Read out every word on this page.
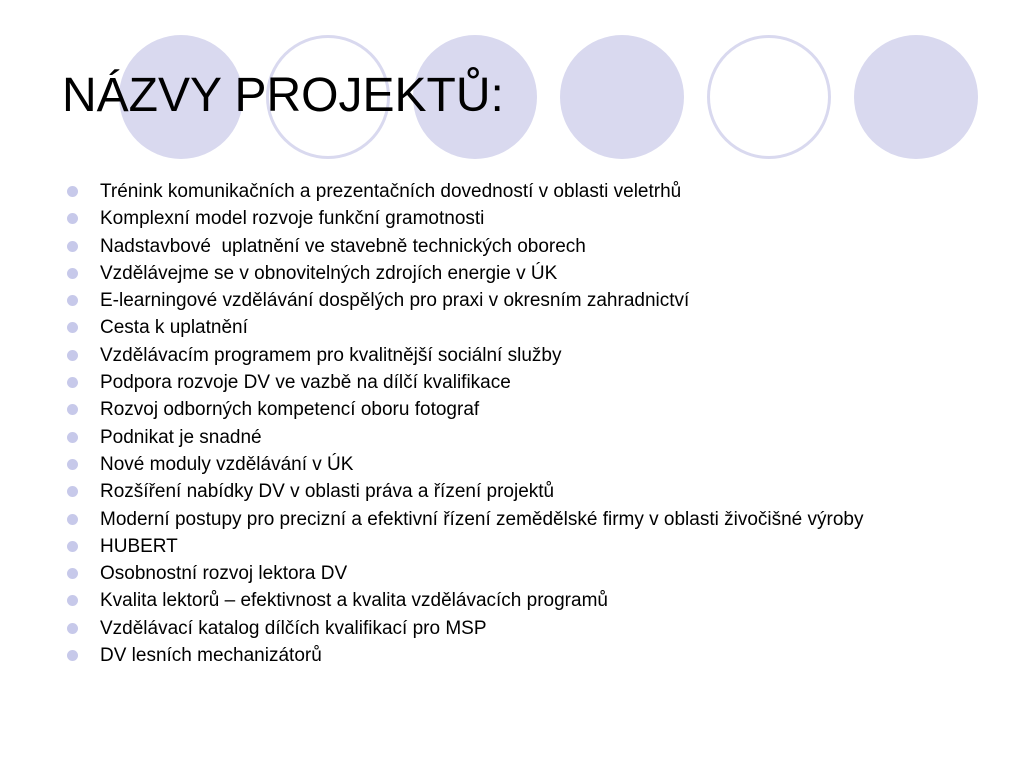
NÁZVY PROJEKTŮ:
Trénink komunikačních a prezentačních dovedností v oblasti veletrhů
Komplexní model rozvoje funkční gramotnosti
Nadstavbové  uplatnění ve stavebně technických oborech
Vzdělávejme se v obnovitelných zdrojích energie v ÚK
E-learningové vzdělávání dospělých pro praxi v okresním zahradnictví
Cesta k uplatnění
Vzdělávacím programem pro kvalitnější sociální služby
Podpora rozvoje DV ve vazbě na dílčí kvalifikace
Rozvoj odborných kompetencí oboru fotograf
Podnikat je snadné
Nové moduly vzdělávání v ÚK
Rozšíření nabídky DV v oblasti práva a řízení projektů
Moderní postupy pro precizní a efektivní řízení zemědělské firmy v oblasti živočišné výroby
HUBERT
Osobnostní rozvoj lektora DV
Kvalita lektorů – efektivnost a kvalita vzdělávacích programů
Vzdělávací katalog dílčích kvalifikací pro MSP
DV lesních mechanizátorů
